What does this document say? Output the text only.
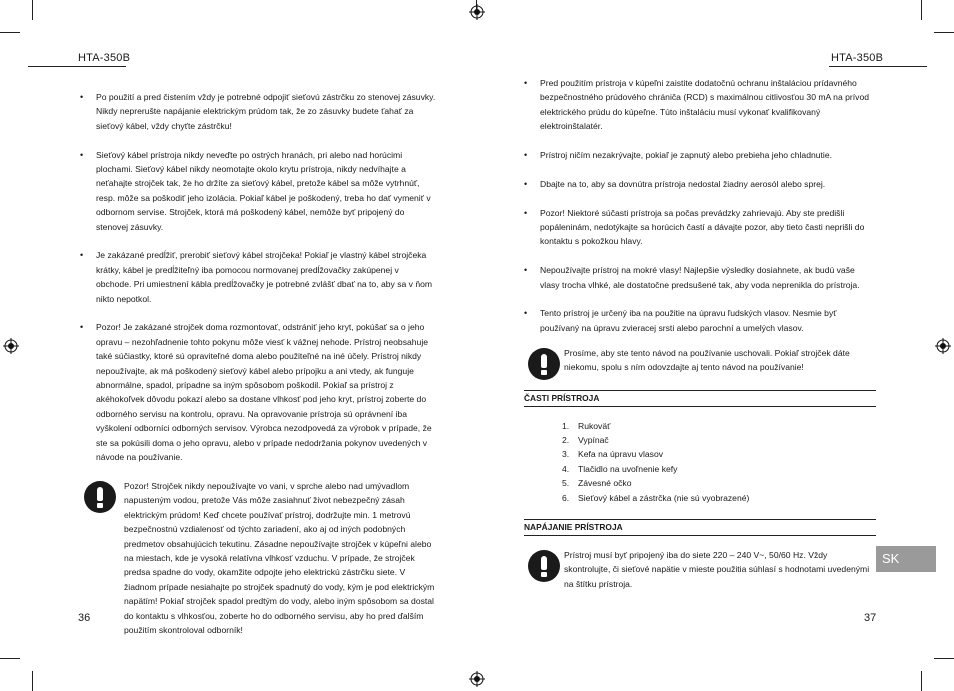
HTA-350B
• Po použití a pred čistením vždy je potrebné odpojiť sieťovú zástrčku zo stenovej zásuvky. Nikdy neprerušte napájanie elektrickým prúdom tak, že zo zásuvky budete ťahať za sieťový kábel, vždy chyťte zástrčku!
• Sieťový kábel prístroja nikdy neveďte po ostrých hranách, pri alebo nad horúcimi plochami. Sieťový kábel nikdy neomotajte okolo krytu prístroja, nikdy nedvíhajte a neťahajte strojček tak, že ho držíte za sieťový kábel, pretože kábel sa môže vytrhnúť, resp. môže sa poškodiť jeho izolácia. Pokiaľ kábel je poškodený, treba ho dať vymeniť v odbornom servise. Strojček, ktorá má poškodený kábel, nemôže byť pripojený do stenovej zásuvky.
• Je zakázané predĺžiť, prerobiť sieťový kábel strojčeka! Pokiaľ je vlastný kábel strojčeka krátky, kábel je predĺžiteľný iba pomocou normovanej predĺžovačky zakúpenej v obchode. Pri umiestnení kábla predĺžovačky je potrebné zvlášť dbať na to, aby sa v ňom nikto nepotkol.
• Pozor! Je zakázané strojček doma rozmontovať, odstrániť jeho kryt, pokúšať sa o jeho opravu – nezohľadnenie tohto pokynu môže viesť k vážnej nehode. Prístroj neobsahuje také súčiastky, ktoré sú opraviteľné doma alebo použiteľné na iné účely. Prístroj nikdy nepoužívajte, ak má poškodený sieťový kábel alebo prípojku a ani vtedy, ak funguje abnormálne, spadol, prípadne sa iným spôsobom poškodil. Pokiaľ sa prístroj z akéhokoľvek dôvodu pokazí alebo sa dostane vlhkosť pod jeho kryt, prístroj zoberte do odborného servisu na kontrolu, opravu. Na opravovanie prístroja sú oprávnení iba vyškolení odborníci odborných servisov. Výrobca nezodpovedá za výrobok v prípade, že ste sa pokúsili doma o jeho opravu, alebo v prípade nedodržania pokynov uvedených v návode na používanie.
Pozor! Strojček nikdy nepoužívajte vo vani, v sprche alebo nad umývadlom napusteným vodou, pretože Vás môže zasiahnuť život nebezpečný zásah elektrickým prúdom! Keď chcete používať prístroj, dodržujte min. 1 metrovú bezpečnostnú vzdialenosť od týchto zariadení, ako aj od iných podobných predmetov obsahujúcich tekutinu. Zásadne nepoužívajte strojček v kúpeľni alebo na miestach, kde je vysoká relatívna vlhkosť vzduchu. V prípade, že strojček predsa spadne do vody, okamžite odpojte jeho elektrickú zástrčku siete. V žiadnom prípade nesiahajte po strojček spadnutý do vody, kým je pod elektrickým napätím! Pokiaľ strojček spadol predtým do vody, alebo iným spôsobom sa dostal do kontaktu s vlhkosťou, zoberte ho do odborného servisu, aby ho pred ďalším použitím skontroloval odborník!
36
HTA-350B
• Pred použitím prístroja v kúpeľni zaistite dodatočnú ochranu inštaláciou prídavného bezpečnostného prúdového chrániča (RCD) s maximálnou citlivosťou 30 mA na prívod elektrického prúdu do kúpeľne. Túto inštaláciu musí vykonať kvalifikovaný elektroinštalatér.
• Prístroj ničím nezakrývajte, pokiaľ je zapnutý alebo prebieha jeho chladnutie.
• Dbajte na to, aby sa dovnútra prístroja nedostal žiadny aerosól alebo sprej.
• Pozor! Niektoré súčasti prístroja sa počas prevádzky zahrievajú. Aby ste predišli popáleninám, nedotýkajte sa horúcich častí a dávajte pozor, aby tieto časti neprišli do kontaktu s pokožkou hlavy.
• Nepoužívajte prístroj na mokré vlasy! Najlepšie výsledky dosiahnete, ak budú vaše vlasy trocha vlhké, ale dostatočne predsušené tak, aby voda neprenikla do prístroja.
• Tento prístroj je určený iba na použitie na úpravu ľudských vlasov. Nesmie byť používaný na úpravu zvieracej srsti alebo parochní a umelých vlasov.
Prosíme, aby ste tento návod na používanie uschovali. Pokiaľ strojček dáte niekomu, spolu s ním odovzdajte aj tento návod na používanie!
ČASTI PRÍSTROJA
1.	Rukoväť
2.	Vypínač
3.	Kefa na úpravu vlasov
4.	Tlačidlo na uvoľnenie kefy
5.	Závesné očko
6.	Sieťový kábel a zástrčka (nie sú vyobrazené)
NAPÁJANIE PRÍSTROJA
Prístroj musí byť pripojený iba do siete 220 – 240 V~, 50/60 Hz. Vždy skontrolujte, či sieťové napätie v mieste použitia súhlasí s hodnotami uvedenými na štítku prístroja.
37
SK
